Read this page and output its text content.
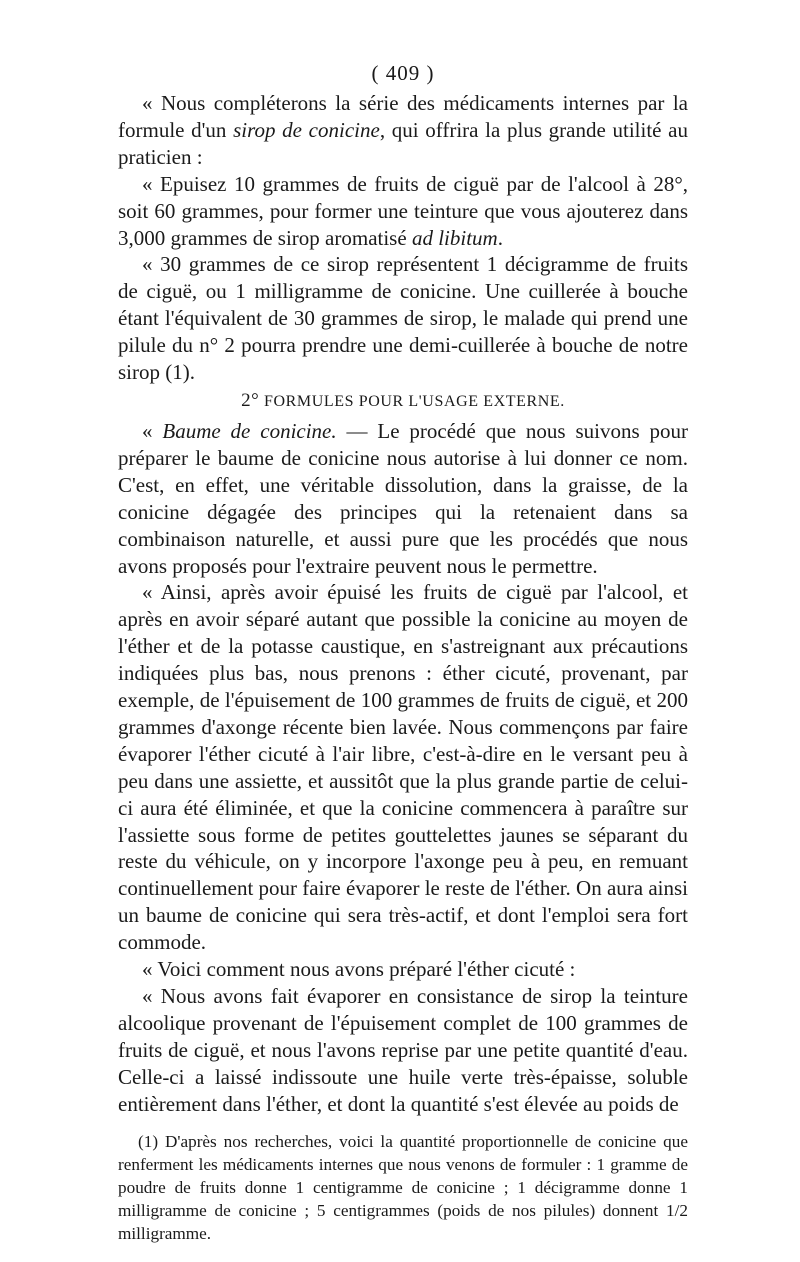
( 409 )

« Nous compléterons la série des médicaments internes par la formule d'un sirop de conicine, qui offrira la plus grande utilité au praticien :

« Epuisez 10 grammes de fruits de ciguë par de l'alcool à 28°, soit 60 grammes, pour former une teinture que vous ajouterez dans 3,000 grammes de sirop aromatisé ad libitum.

« 30 grammes de ce sirop représentent 1 décigramme de fruits de ciguë, ou 1 milligramme de conicine. Une cuillerée à bouche étant l'équivalent de 30 grammes de sirop, le malade qui prend une pilule du n° 2 pourra prendre une demi-cuillerée à bouche de notre sirop (1).

2° FORMULES POUR L'USAGE EXTERNE.

« Baume de conicine. — Le procédé que nous suivons pour préparer le baume de conicine nous autorise à lui donner ce nom. C'est, en effet, une véritable dissolution, dans la graisse, de la conicine dégagée des principes qui la retenaient dans sa combinaison naturelle, et aussi pure que les procédés que nous avons proposés pour l'extraire peuvent nous le permettre.

« Ainsi, après avoir épuisé les fruits de ciguë par l'alcool, et après en avoir séparé autant que possible la conicine au moyen de l'éther et de la potasse caustique, en s'astreignant aux précautions indiquées plus bas, nous prenons : éther cicuté, provenant, par exemple, de l'épuisement de 100 grammes de fruits de ciguë, et 200 grammes d'axonge récente bien lavée. Nous commençons par faire évaporer l'éther cicuté à l'air libre, c'est-à-dire en le versant peu à peu dans une assiette, et aussitôt que la plus grande partie de celui-ci aura été éliminée, et que la conicine commencera à paraître sur l'assiette sous forme de petites gouttelettes jaunes se séparant du reste du véhicule, on y incorpore l'axonge peu à peu, en remuant continuellement pour faire évaporer le reste de l'éther. On aura ainsi un baume de conicine qui sera très-actif, et dont l'emploi sera fort commode.

« Voici comment nous avons préparé l'éther cicuté :

« Nous avons fait évaporer en consistance de sirop la teinture alcoolique provenant de l'épuisement complet de 100 grammes de fruits de ciguë, et nous l'avons reprise par une petite quantité d'eau. Celle-ci a laissé indissoute une huile verte très-épaisse, soluble entièrement dans l'éther, et dont la quantité s'est élevée au poids de

(1) D'après nos recherches, voici la quantité proportionnelle de conicine que renferment les médicaments internes que nous venons de formuler : 1 gramme de poudre de fruits donne 1 centigramme de conicine ; 1 décigramme donne 1 milligramme de conicine ; 5 centigrammes (poids de nos pilules) donnent 1/2 milligramme.
